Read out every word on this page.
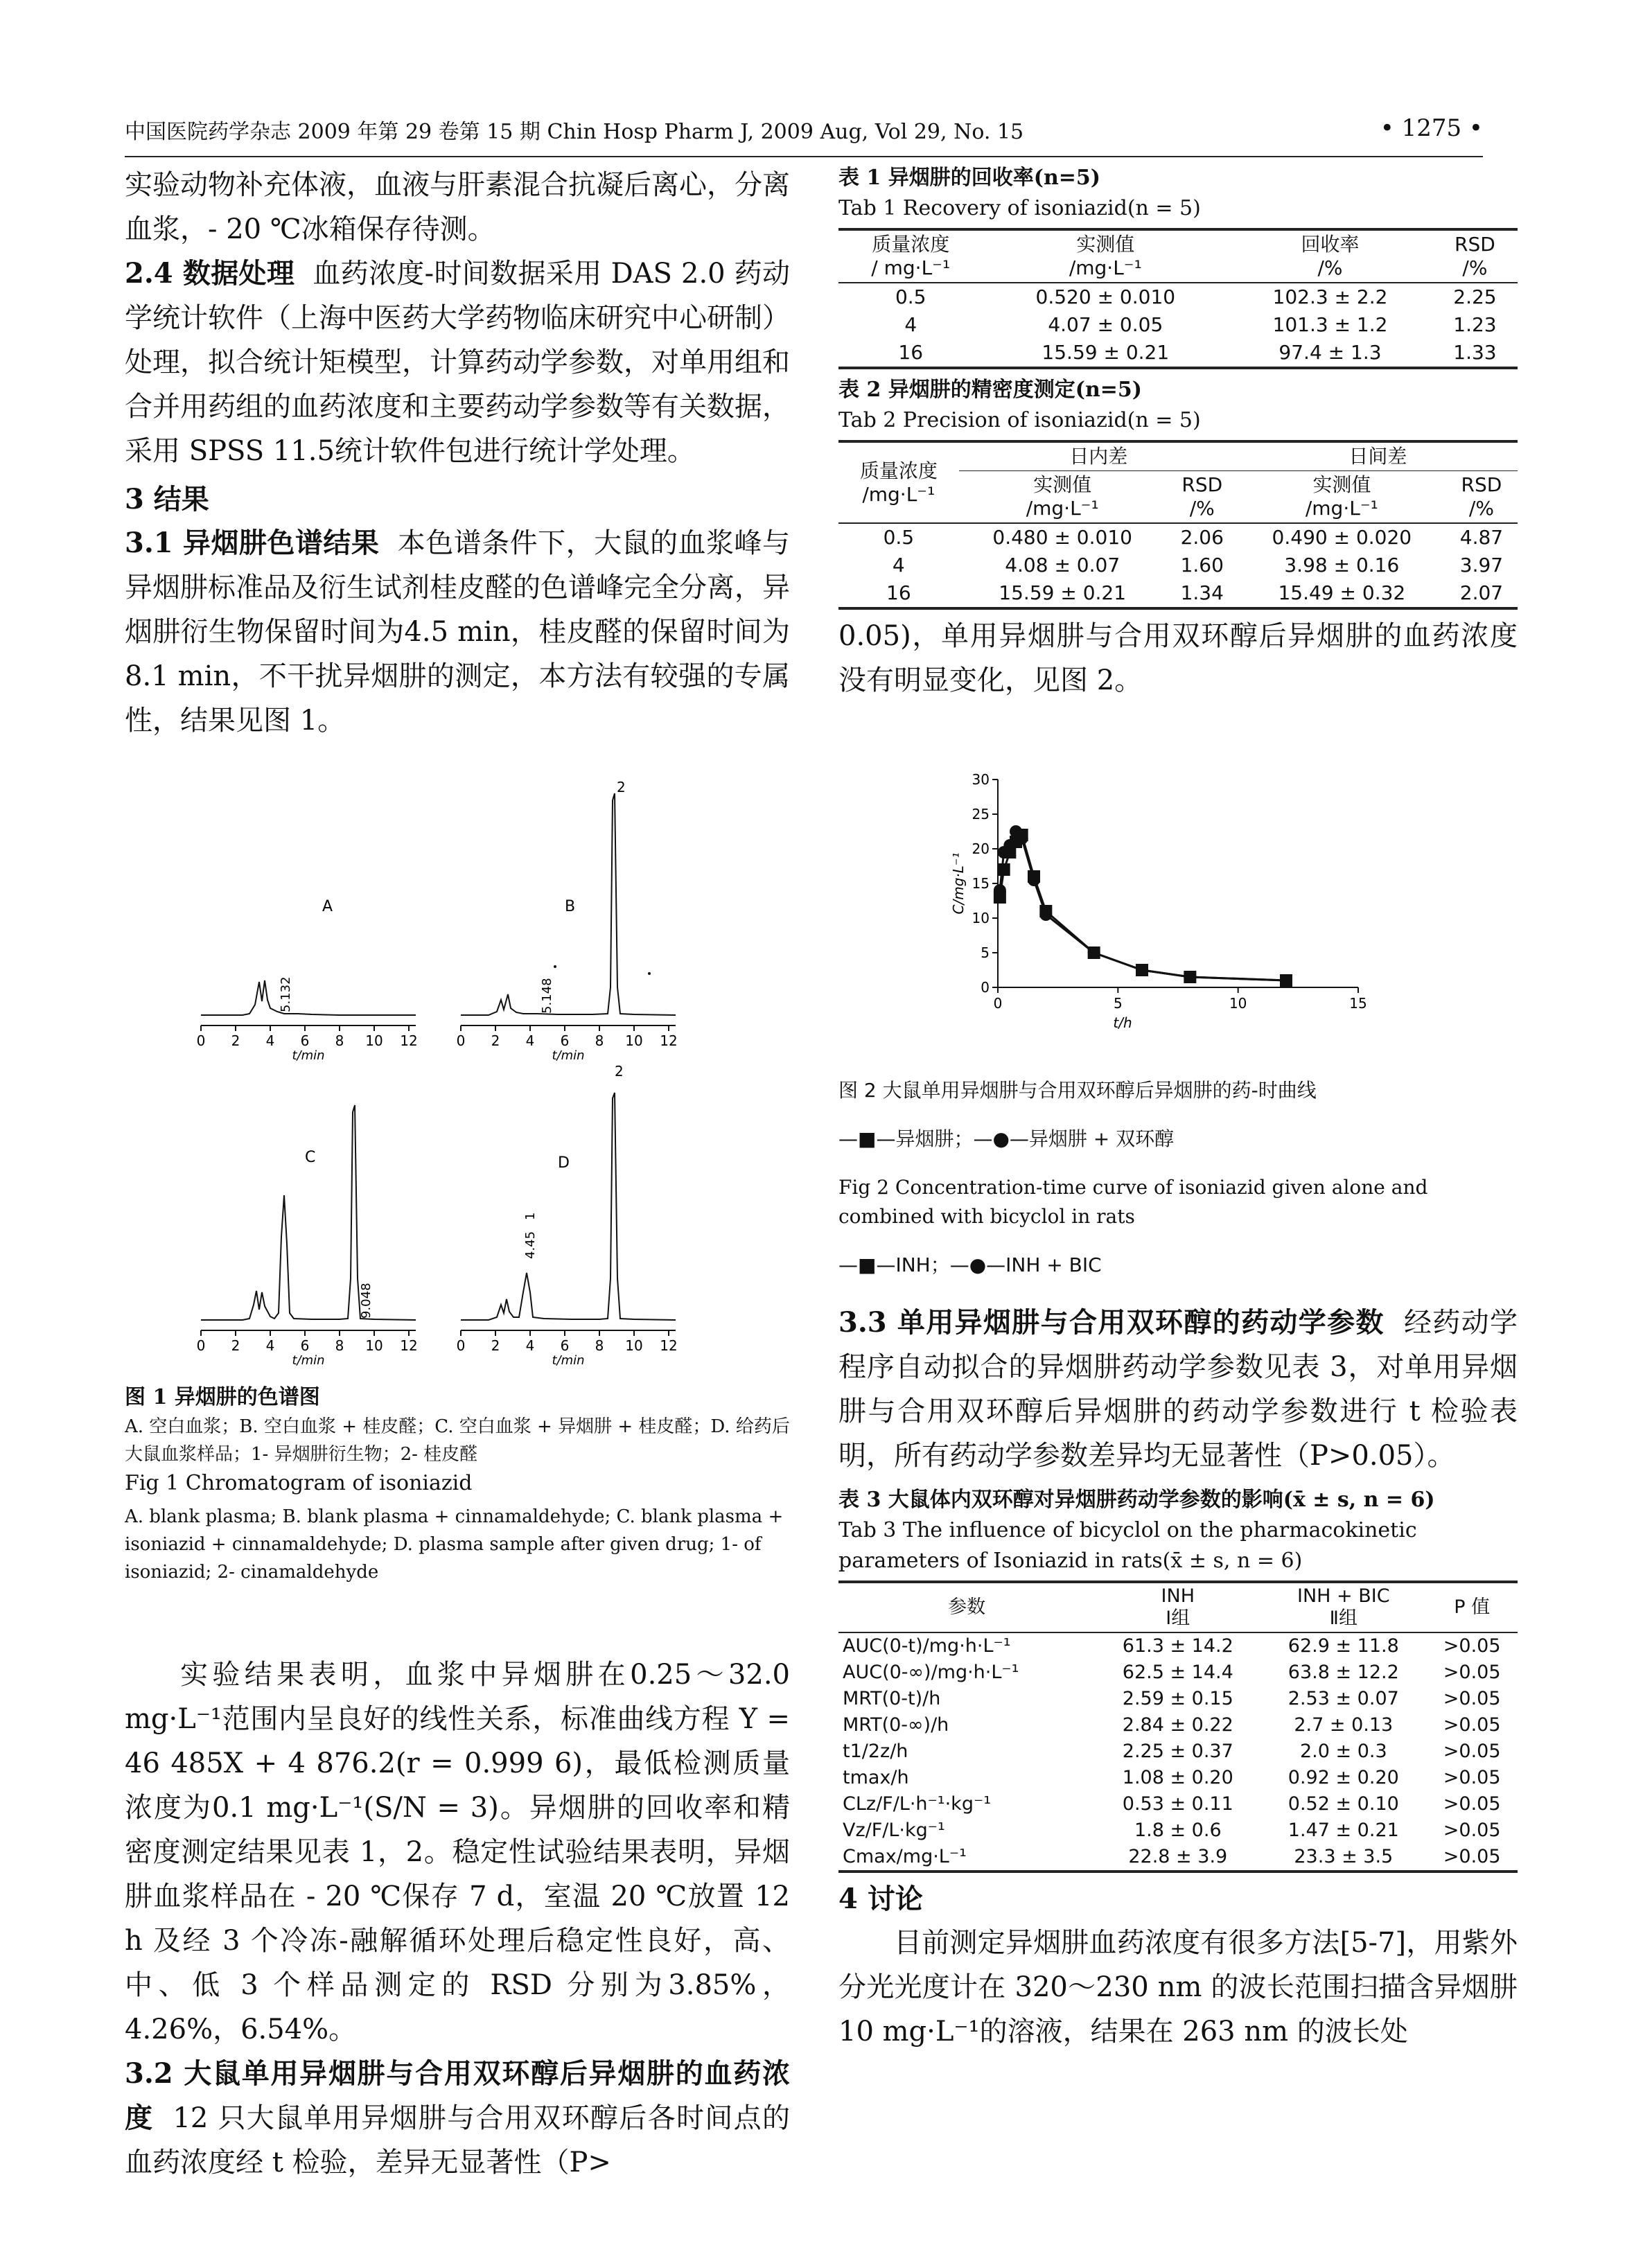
中国医院药学杂志 2009 年第 29 卷第 15 期 Chin Hosp Pharm J, 2009 Aug, Vol 29, No. 15	• 1275 •

实验动物补充体液，血液与肝素混合抗凝后离心，分离血浆，- 20 ℃冰箱保存待测。

2.4 数据处理 血药浓度-时间数据采用 DAS 2.0 药动学统计软件（上海中医药大学药物临床研究中心研制）处理，拟合统计矩模型，计算药动学参数，对单用组和合并用药组的血药浓度和主要药动学参数等有关数据，采用 SPSS 11.5统计软件包进行统计学处理。

3 结果

3.1 异烟肼色谱结果 本色谱条件下，大鼠的血浆峰与异烟肼标准品及衍生试剂桂皮醛的色谱峰完全分离，异烟肼衍生物保留时间为4.5 min，桂皮醛的保留时间为8.1 min，不干扰异烟肼的测定，本方法有较强的专属性，结果见图 1。

A
5.132
0 2 4 6 8 10 12
t/min
B
2
5.148
0 2 4 6 8 10 12
t/min
C
9.048
0 2 4 6 8 10 12
t/min
D
2
4.45
1
0 2 4 6 8 10 12
t/min

图 1 异烟肼的色谱图

A. 空白血浆；B. 空白血浆 + 桂皮醛；C. 空白血浆 + 异烟肼 + 桂皮醛；D. 给药后大鼠血浆样品；1- 异烟肼衍生物；2- 桂皮醛

Fig 1 Chromatogram of isoniazid

A. blank plasma; B. blank plasma + cinnamaldehyde; C. blank plasma + isoniazid + cinnamaldehyde; D. plasma sample after given drug; 1- of isoniazid; 2- cinamaldehyde

实验结果表明，血浆中异烟肼在0.25～32.0 mg·L⁻¹范围内呈良好的线性关系，标准曲线方程 Y = 46 485X + 4 876.2(r = 0.999 6)，最低检测质量浓度为0.1 mg·L⁻¹(S/N = 3)。异烟肼的回收率和精密度测定结果见表 1，2。稳定性试验结果表明，异烟肼血浆样品在 - 20 ℃保存 7 d，室温 20 ℃放置 12 h 及经 3 个冷冻-融解循环处理后稳定性良好，高、中、低 3 个样品测定的 RSD 分别为3.85%，4.26%，6.54%。

3.2 大鼠单用异烟肼与合用双环醇后异烟肼的血药浓度 12 只大鼠单用异烟肼与合用双环醇后各时间点的血药浓度经 t 检验，差异无显著性（P>

表 1 异烟肼的回收率(n=5)

Tab 1 Recovery of isoniazid(n = 5)

质量浓度
/ mg·L⁻¹	实测值
/mg·L⁻¹	回收率
/%	RSD
/%

0.5	0.520 ± 0.010	102.3 ± 2.2	2.25
4	4.07 ± 0.05	101.3 ± 1.2	1.23
16	15.59 ± 0.21	97.4 ± 1.3	1.33

表 2 异烟肼的精密度测定(n=5)

Tab 2 Precision of isoniazid(n = 5)

质量浓度
/mg·L⁻¹	日内差		日间差	
	实测值
/mg·L⁻¹	RSD
/%	实测值
/mg·L⁻¹	RSD
/%
0.5	0.480 ± 0.010	2.06	0.490 ± 0.020	4.87
4	4.08 ± 0.07	1.60	3.98 ± 0.16	3.97
16	15.59 ± 0.21	1.34	15.49 ± 0.32	2.07

0.05)，单用异烟肼与合用双环醇后异烟肼的血药浓度没有明显变化，见图 2。

0
5
10
15
20
25
30
0	5	10	15
t/h
C/mg·L⁻¹

图 2 大鼠单用异烟肼与合用双环醇后异烟肼的药-时曲线

—■—异烟肼；—●—异烟肼 + 双环醇

Fig 2 Concentration-time curve of isoniazid given alone and combined with bicyclol in rats

—■—INH；—●—INH + BIC

3.3 单用异烟肼与合用双环醇的药动学参数 经药动学程序自动拟合的异烟肼药动学参数见表 3，对单用异烟肼与合用双环醇后异烟肼的药动学参数进行 t 检验表明，所有药动学参数差异均无显著性（P>0.05）。

表 3 大鼠体内双环醇对异烟肼药动学参数的影响(x̄ ± s, n = 6)

Tab 3 The influence of bicyclol on the pharmacokinetic parameters of Isoniazid in rats(x̄ ± s, n = 6)

参数	INH
Ⅰ组	INH + BIC
Ⅱ组	P 值

AUC(0-t)/mg·h·L⁻¹	61.3 ± 14.2	62.9 ± 11.8	>0.05
AUC(0-∞)/mg·h·L⁻¹	62.5 ± 14.4	63.8 ± 12.2	>0.05
MRT(0-t)/h	2.59 ± 0.15	2.53 ± 0.07	>0.05
MRT(0-∞)/h	2.84 ± 0.22	2.7 ± 0.13	>0.05
t1/2z/h	2.25 ± 0.37	2.0 ± 0.3	>0.05
tmax/h	1.08 ± 0.20	0.92 ± 0.20	>0.05
CLz/F/L·h⁻¹·kg⁻¹	0.53 ± 0.11	0.52 ± 0.10	>0.05
Vz/F/L·kg⁻¹	1.8 ± 0.6	1.47 ± 0.21	>0.05
Cmax/mg·L⁻¹	22.8 ± 3.9	23.3 ± 3.5	>0.05
4 讨论

目前测定异烟肼血药浓度有很多方法[5-7]，用紫外分光光度计在 320～230 nm 的波长范围扫描含异烟肼 10 mg·L⁻¹的溶液，结果在 263 nm 的波长处
